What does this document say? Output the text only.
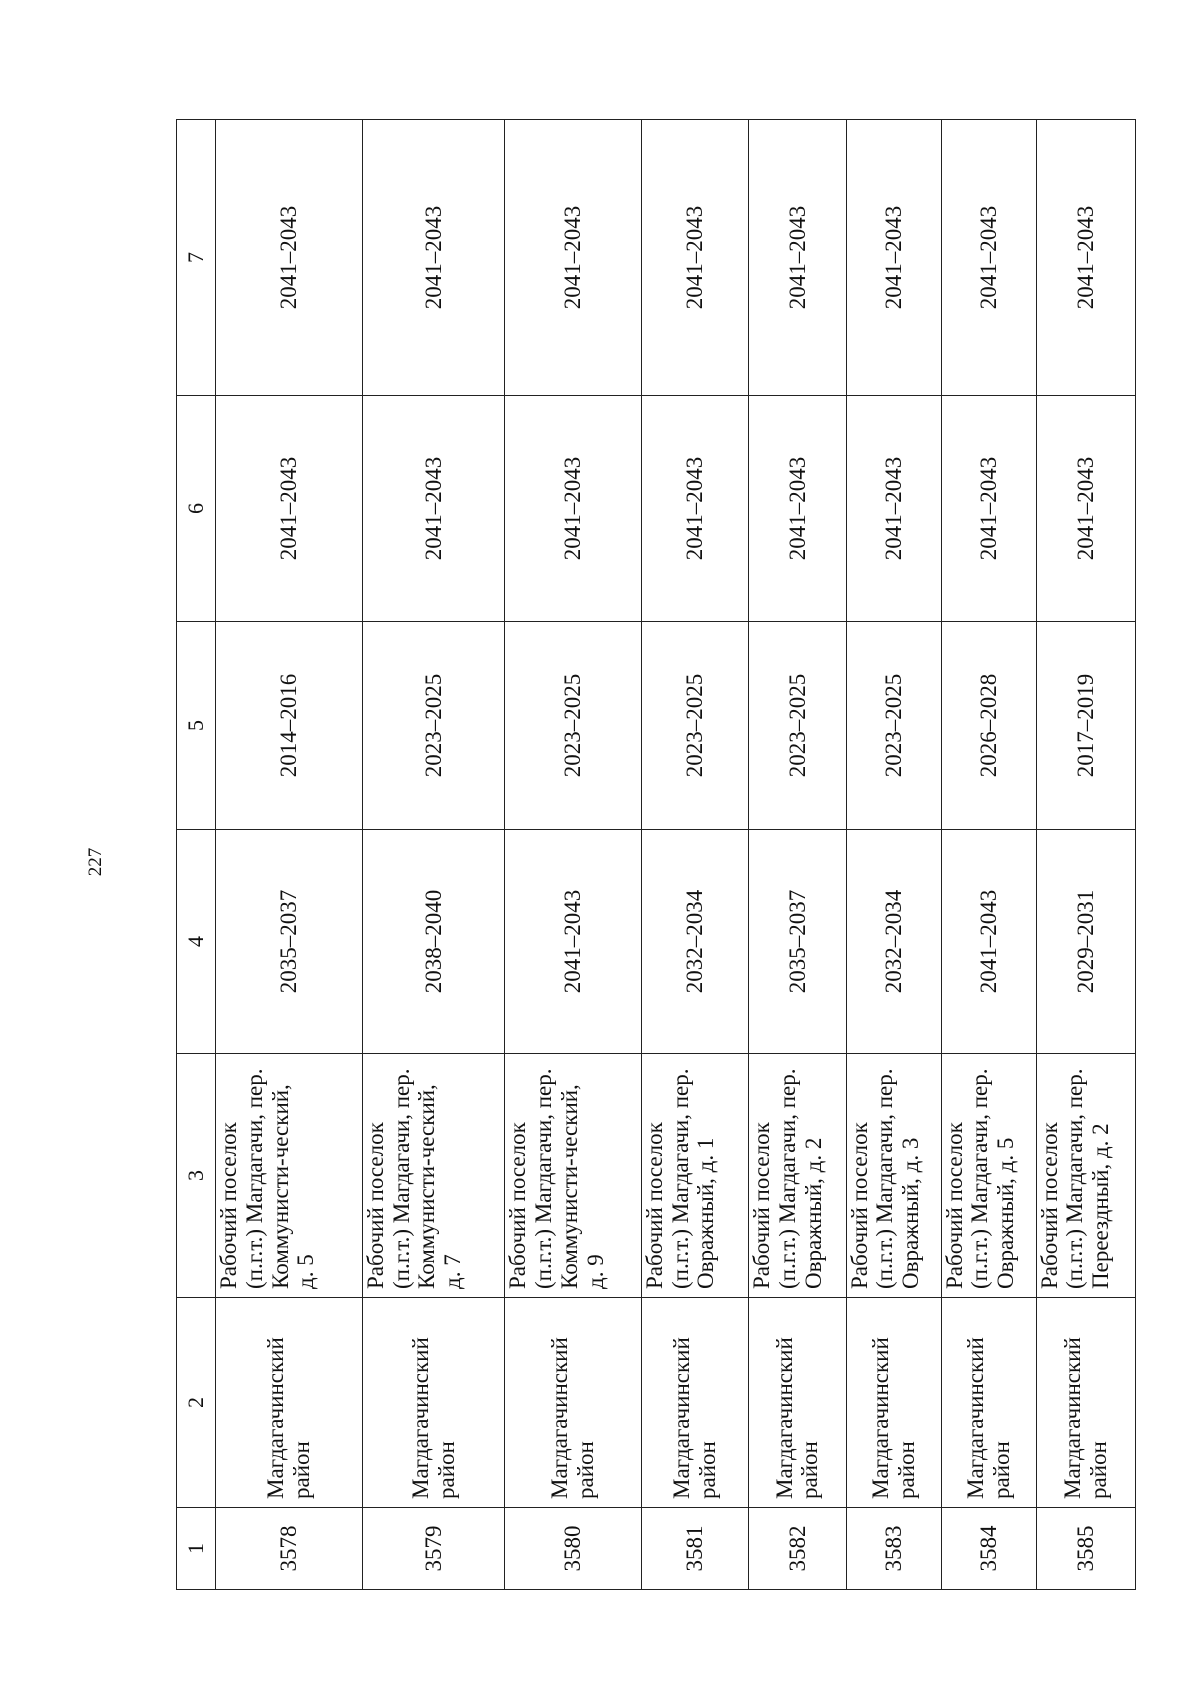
227
1	2	3	4	5	6	7
3578	Магдагачинский район	Рабочий поселок (п.г.т.) Магдагачи, пер. Коммунисти-ческий, д. 5	2035–2037	2014–2016	2041–2043	2041–2043
3579	Магдагачинский район	Рабочий поселок (п.г.т.) Магдагачи, пер. Коммунисти-ческий, д. 7	2038–2040	2023–2025	2041–2043	2041–2043
3580	Магдагачинский район	Рабочий поселок (п.г.т.) Магдагачи, пер. Коммунисти-ческий, д. 9	2041–2043	2023–2025	2041–2043	2041–2043
3581	Магдагачинский район	Рабочий поселок (п.г.т.) Магдагачи, пер. Овражный, д. 1	2032–2034	2023–2025	2041–2043	2041–2043
3582	Магдагачинский район	Рабочий поселок (п.г.т.) Магдагачи, пер. Овражный, д. 2	2035–2037	2023–2025	2041–2043	2041–2043
3583	Магдагачинский район	Рабочий поселок (п.г.т.) Магдагачи, пер. Овражный, д. 3	2032–2034	2023–2025	2041–2043	2041–2043
3584	Магдагачинский район	Рабочий поселок (п.г.т.) Магдагачи, пер. Овражный, д. 5	2041–2043	2026–2028	2041–2043	2041–2043
3585	Магдагачинский район	Рабочий поселок (п.г.т.) Магдагачи, пер. Переездный, д. 2	2029–2031	2017–2019	2041–2043	2041–2043
